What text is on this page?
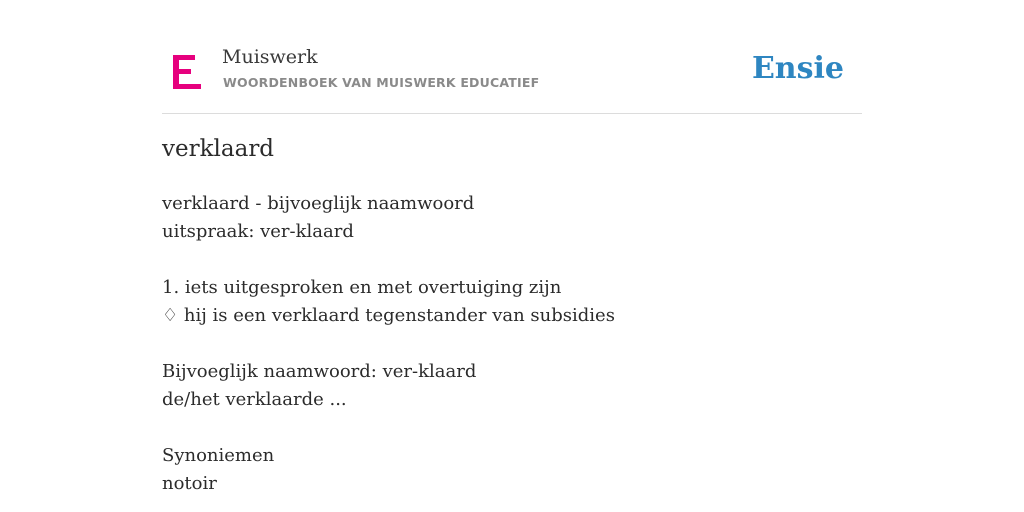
Muiswerk
WOORDENBOEK VAN MUISWERK EDUCATIEF	Ensie
verklaard
verklaard - bijvoeglijk naamwoord
uitspraak: ver-klaard
1. iets uitgesproken en met overtuiging zijn
♢ hij is een verklaard tegenstander van subsidies
Bijvoeglijk naamwoord: ver-klaard
de/het verklaarde ...
Synoniemen
notoir
